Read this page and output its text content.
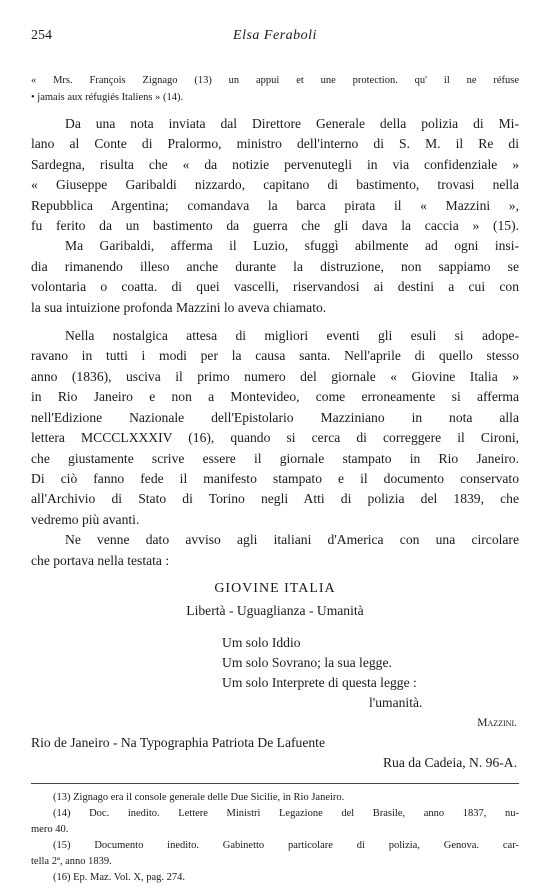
254	Elsa Feraboli

« Mrs. François Zignago (13) un appui et une protection. qu' il ne réfuse
• jamais aux réfugiés Italiens » (14).

Da una nota inviata dal Direttore Generale della polizia di Mi-
lano al Conte di Pralormo, ministro dell'interno di S. M. il Re di
Sardegna, risulta che « da notizie pervenutegli in via confidenziale »
« Giuseppe Garibaldi nizzardo, capitano di bastimento, trovasi nella
Repubblica Argentina; comandava la barca pirata il « Mazzini »,
fu ferito da un bastimento da guerra che gli dava la caccia » (15).
Ma Garibaldi, afferma il Luzio, sfuggì abilmente ad ogni insi-
dia rimanendo illeso anche durante la distruzione, non sappiamo se
volontaria o coatta. di quei vascelli, riservandosi ai destini a cui con
la sua intuizione profonda Mazzini lo aveva chiamato.

Nella nostalgica attesa di migliori eventi gli esuli si adope-
ravano in tutti i modi per la causa santa. Nell'aprile di quello stesso
anno (1836), usciva il primo numero del giornale « Giovine Italia »
in Rio Janeiro e non a Montevideo, come erroneamente si afferma
nell'Edizione Nazionale dell'Epistolario Mazziniano in nota alla
lettera MCCCLXXXIV (16), quando si cerca di correggere il Cironi,
che giustamente scrive essere il giornale stampato in Rio Janeiro.
Di ciò fanno fede il manifesto stampato e il documento conservato
all'Archivio di Stato di Torino negli Atti di polizia del 1839, che
vedremo più avanti.

Ne venne dato avviso agli italiani d'America con una circolare
che portava nella testata :

GIOVINE ITALIA
Libertà - Uguaglianza - Umanità
Um solo Iddio
Um solo Sovrano; la sua legge.
Um solo Interprete di questa legge :
l'umanità.
Mazzini.
Rio de Janeiro - Na Typographia Patriota De Lafuente
Rua da Cadeia, N. 96-A.
(13) Zignago era il console generale delle Due Sicilie, in Rio Janeiro.
(14) Doc. inedito. Lettere Ministri Legazione del Brasile, anno 1837, nu-
mero 40.
(15) Documento inedito. Gabinetto particolare di polizia, Genova. car-
tella 2ª, anno 1839.
(16) Ep. Maz. Vol. X, pag. 274.
